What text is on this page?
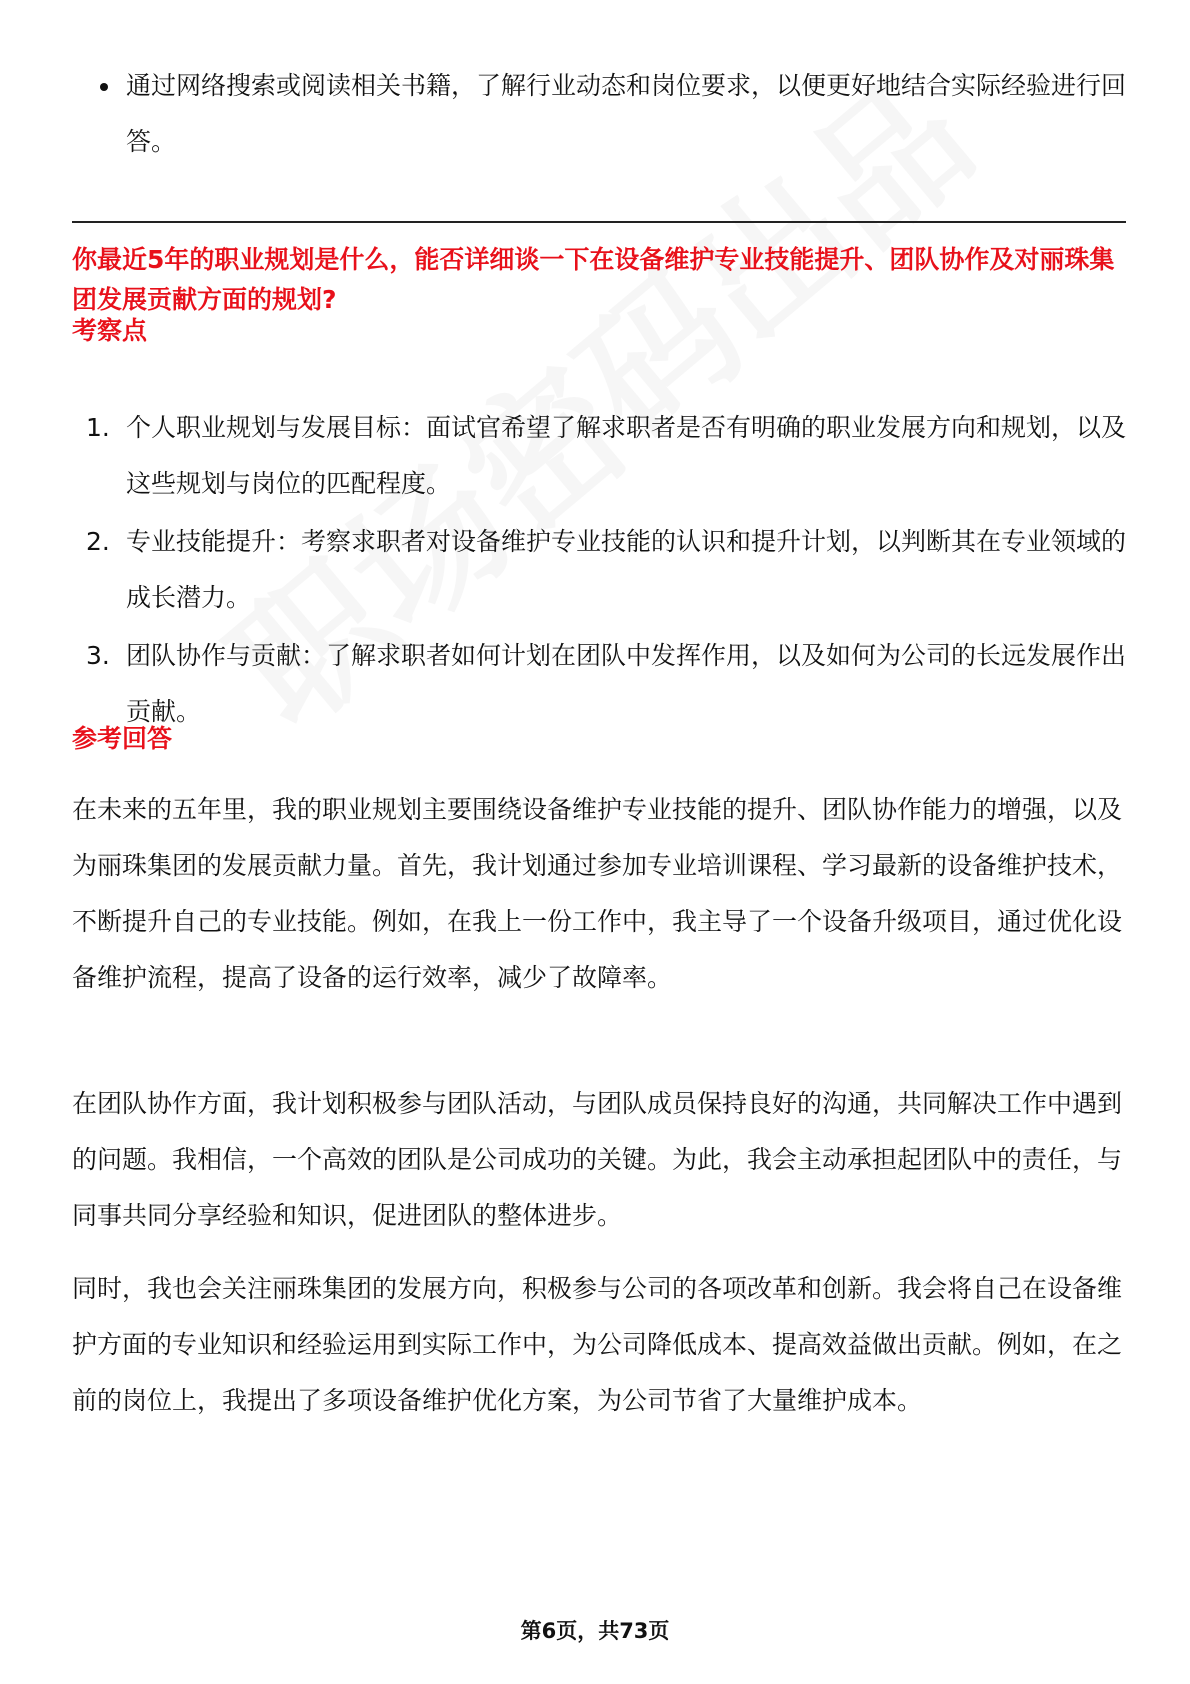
通过网络搜索或阅读相关书籍，了解行业动态和岗位要求，以便更好地结合实际经验进行回答。
你最近5年的职业规划是什么，能否详细谈一下在设备维护专业技能提升、团队协作及对丽珠集团发展贡献方面的规划?
考察点
1. 个人职业规划与发展目标：面试官希望了解求职者是否有明确的职业发展方向和规划，以及这些规划与岗位的匹配程度。
2. 专业技能提升：考察求职者对设备维护专业技能的认识和提升计划，以判断其在专业领域的成长潜力。
3. 团队协作与贡献：了解求职者如何计划在团队中发挥作用，以及如何为公司的长远发展作出贡献。
参考回答
在未来的五年里，我的职业规划主要围绕设备维护专业技能的提升、团队协作能力的增强，以及为丽珠集团的发展贡献力量。首先，我计划通过参加专业培训课程、学习最新的设备维护技术，不断提升自己的专业技能。例如，在我上一份工作中，我主导了一个设备升级项目，通过优化设备维护流程，提高了设备的运行效率，减少了故障率。
在团队协作方面，我计划积极参与团队活动，与团队成员保持良好的沟通，共同解决工作中遇到的问题。我相信，一个高效的团队是公司成功的关键。为此，我会主动承担起团队中的责任，与同事共同分享经验和知识，促进团队的整体进步。
同时，我也会关注丽珠集团的发展方向，积极参与公司的各项改革和创新。我会将自己在设备维护方面的专业知识和经验运用到实际工作中，为公司降低成本、提高效益做出贡献。例如，在之前的岗位上，我提出了多项设备维护优化方案，为公司节省了大量维护成本。
第6页，共73页
